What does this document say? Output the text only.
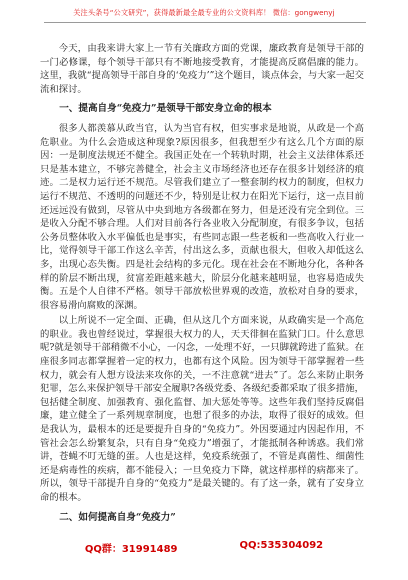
关注头条号“公文研究”，获得最新最全最专业的公文资料库！ 微信：gongwenyj

今天，由我来讲大家上一节有关廉政方面的党课，廉政教育是领导干部的一门必修课，每个领导干部只有不断地接受教育，才能提高反腐倡廉的能力。这里，我就“提高领导干部自身的‘免疫力’”这个题目，谈点体会，与大家一起交流和探讨。

一、提高自身“免疫力”是领导干部安身立命的根本

很多人都羡慕从政当官，认为当官有权，但实事求是地说，从政是一个高危职业。为什么会造成这种现象?原因很多，但我想至少有这么几个方面的原因：一是制度法规还不健全。我国正处在一个转轨时期，社会主义法律体系还只是基本建立，不够完善健全，社会主义市场经济也还存在很多计划经济的痕迹。二是权力运行还不规范。尽管我们建立了一整套制约权力的制度，但权力运行不规范、不透明的问题还不少，特别是让权力在阳光下运行，这一点目前还远远没有做到，尽管从中央到地方各级都在努力，但是还没有完全到位。三是收入分配不够合理。人们对目前各行各业收入分配制度，有很多争议，包括公务员整体收入水平偏低也是事实，有些同志跟一些老板和一些高收入行业一比，觉得领导干部工作这么辛苦，付出这么多，贡献也很大，但收入却低这么多，出现心态失衡。四是社会结构的多元化。现在社会在不断地分化，各种各样的阶层不断出现，贫富差距越来越大，阶层分化越来越明显，也容易造成失衡。五是个人自律不严格。领导干部放松世界观的改造，放松对自身的要求，很容易滑向腐败的深渊。

以上所说不一定全面、正确，但从这几个方面来说，从政确实是一个高危的职业。我也曾经说过，掌握很大权力的人，天天徘徊在监狱门口。什么意思呢?就是领导干部稍微不小心，一闪念，一处理不好，一只脚就跨进了监狱。在座很多同志都掌握着一定的权力，也都有这个风险。因为领导干部掌握着一些权力，就会有人想方设法来攻你的关，一不注意就“进去”了。怎么来防止职务犯罪，怎么来保护领导干部安全履职?各级党委、各级纪委都采取了很多措施，包括健全制度、加强教育、强化监督、加大惩处等等。这些年我们坚持反腐倡廉，建立健全了一系列规章制度，也想了很多的办法，取得了很好的成效。但是我认为，最根本的还是要提升自身的“免疫力”。外因要通过内因起作用，不管社会怎么纷繁复杂，只有自身“免疫力”增强了，才能抵制各种诱惑。我们常讲，苍蝇不叮无缝的蛋。人也是这样，免疫系统强了，不管是真菌性、细菌性还是病毒性的疾病，都不能侵入；一旦免疫力下降，就这样那样的病都来了。所以，领导干部提升自身的“免疫力”是最关键的。有了这一条，就有了安身立命的根本。

二、如何提高自身“免疫力”

QQ群：31991489	QQ:535304092
